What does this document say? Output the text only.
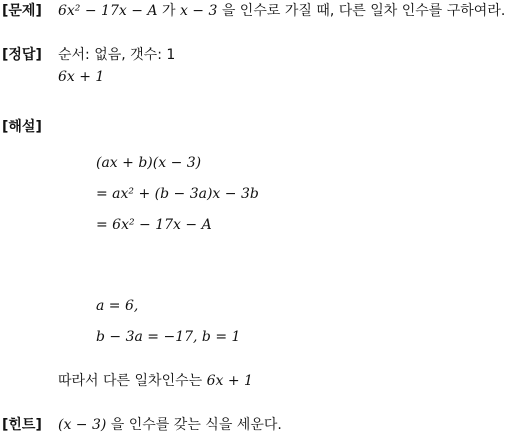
[문제] 6x² − 17x − A 가 x − 3 을 인수로 가질 때, 다른 일차 인수를 구하여라.
[정답] 순서: 없음, 갯수: 1
6x + 1
[해설]
(ax + b)(x − 3)
= ax² + (b − 3a)x − 3b
= 6x² − 17x − A
a = 6,
b − 3a = −17, b = 1
따라서 다른 일차인수는 6x + 1
[힌트] (x − 3) 을 인수를 갖는 식을 세운다.
